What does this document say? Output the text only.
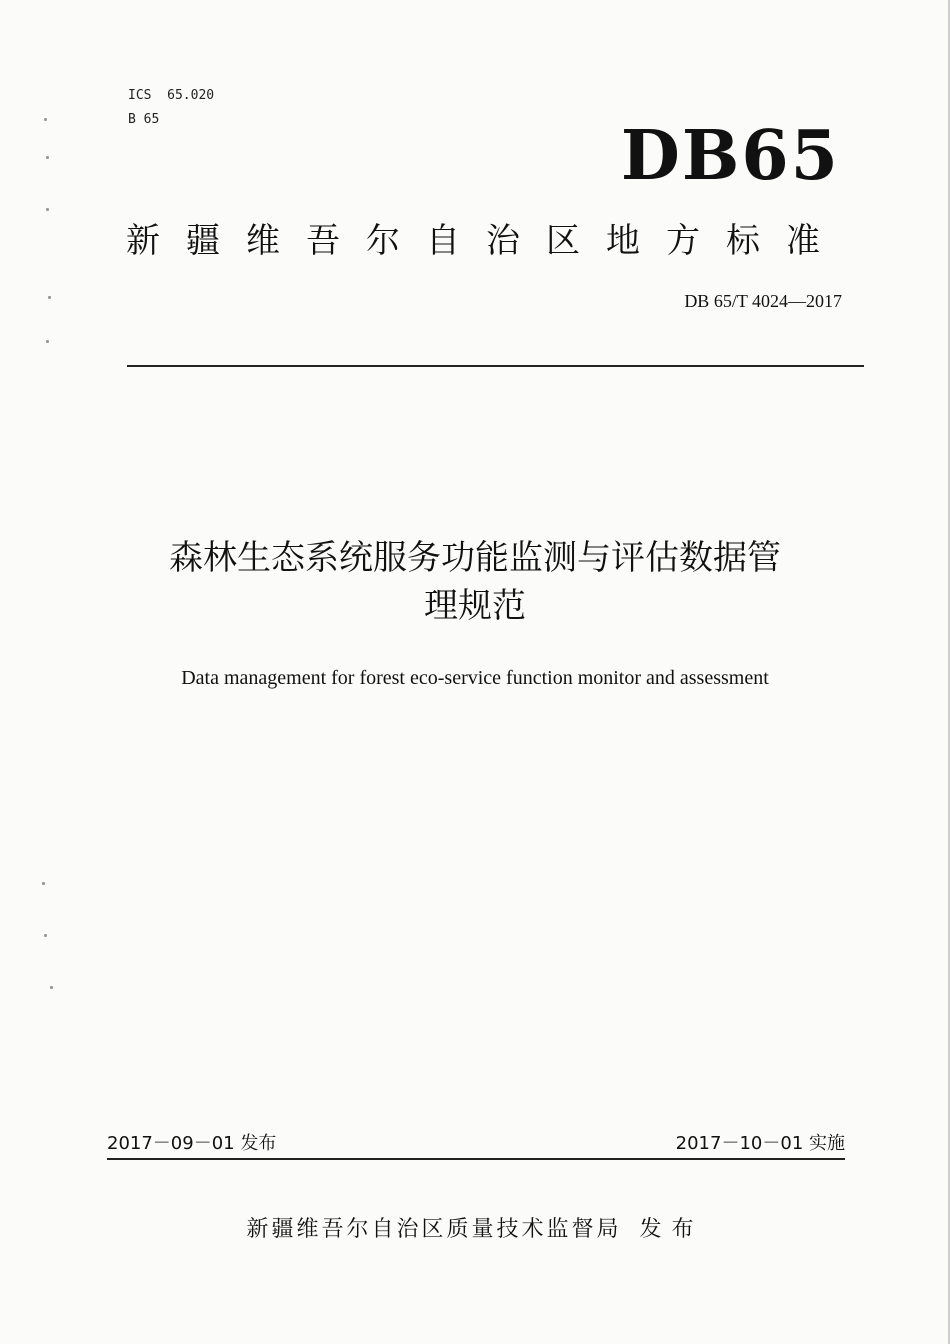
ICS  65.020
B 65	DB65
新疆维吾尔自治区地方标准
DB 65/T 4024—2017
森林生态系统服务功能监测与评估数据管
理规范
Data management for forest eco-service function monitor and assessment
2017－09－01 发布	2017－10－01 实施
新疆维吾尔自治区质量技术监督局 发布
